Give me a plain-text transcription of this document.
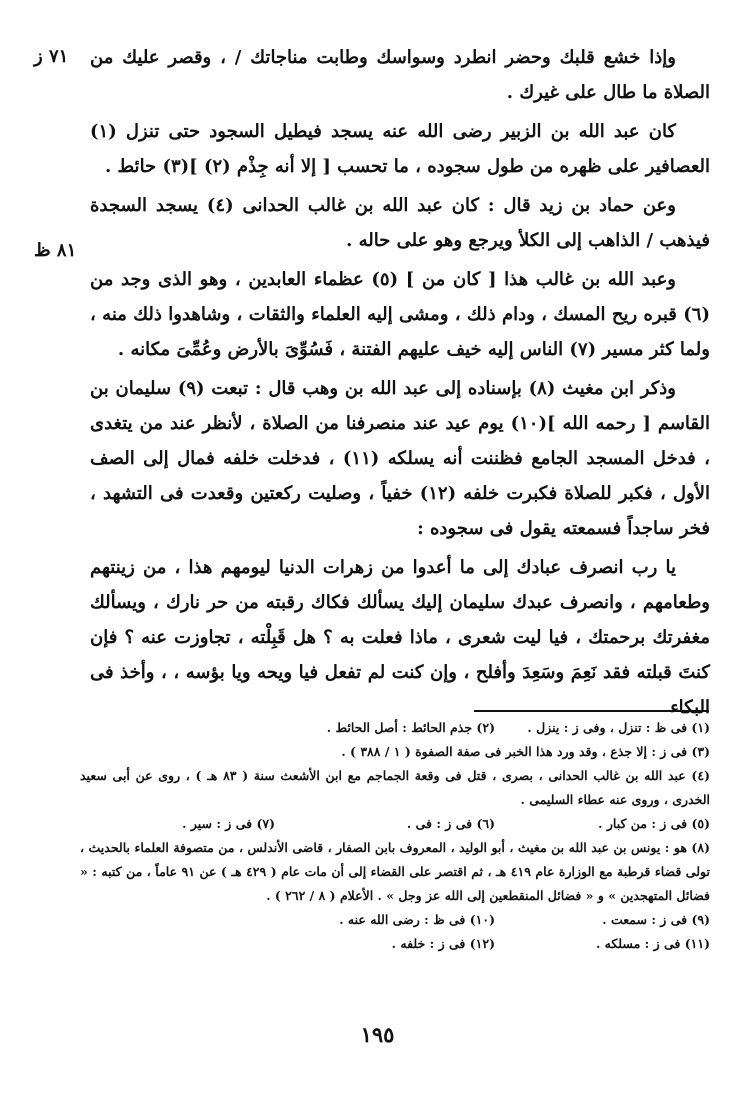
٧١ ز
٨١ ظ

وإذا خشع قلبك وحضر انطرد وسواسك وطابت مناجاتك / ، وقصر عليك من الصلاة ما طال على غيرك .

كان عبد الله بن الزبير رضى الله عنه يسجد فيطيل السجود حتى تنزل (١) العصافير على ظهره من طول سجوده ، ما تحسب [ إلا أنه جِذْم (٢) ](٣) حائط .

وعن حماد بن زيد قال : كان عبد الله بن غالب الحدانى (٤) يسجد السجدة فيذهب / الذاهب إلى الكلأ ويرجع وهو على حاله .

وعبد الله بن غالب هذا [ كان من ] (٥) عظماء العابدين ، وهو الذى وجد من (٦) قبره ريح المسك ، ودام ذلك ، ومشى إليه العلماء والثقات ، وشاهدوا ذلك منه ، ولما كثر مسير (٧) الناس إليه خيف عليهم الفتنة ، فَسُوِّىَ بالأرض وعُمِّىَ مكانه .

وذكر ابن مغيث (٨) بإسناده إلى عبد الله بن وهب قال : تبعت (٩) سليمان بن القاسم [ رحمه الله ](١٠) يوم عيد عند منصرفنا من الصلاة ، لأنظر عند من يتغدى ، فدخل المسجد الجامع فظننت أنه يسلكه (١١) ، فدخلت خلفه فمال إلى الصف الأول ، فكبر للصلاة فكبرت خلفه (١٢) خفياً ، وصليت ركعتين وقعدت فى التشهد ، فخر ساجداً فسمعته يقول فى سجوده :

يا رب انصرف عبادك إلى ما أعدوا من زهرات الدنيا ليومهم هذا ، من زينتهم وطعامهم ، وانصرف عبدك سليمان إليك يسألك فكاك رقبته من حر نارك ، ويسألك مغفرتك برحمتك ، فيا ليت شعرى ، ماذا فعلت به ؟ هل قَبِلْته ، تجاوزت عنه ؟ فإن كنتَ قبلته فقد نَعِمَ وسَعِدَ وأفلح ، وإن كنت لم تفعل فيا ويحه ويا بؤسه ، ، وأخذ فى البكاء

(١) فى ظ : تنزل ، وفى ز : ينزل .
(٢) جذم الحائط : أصل الحائط .
(٣) فى ز : إلا جذع ، وقد ورد هذا الخبر فى صفة الصفوة ( ١ / ٣٨٨ ) .
(٤) عبد الله بن غالب الحدانى ، بصرى ، قتل فى وقعة الجماجم مع ابن الأشعث سنة ( ٨٣ هـ ) ، روى عن أبى سعيد الخدرى ، وروى عنه عطاء السليمى .
(٥) فى ز : من كبار .
(٦) فى ز : فى .
(٧) فى ز : سير .
(٨) هو : يونس بن عبد الله بن مغيث ، أبو الوليد ، المعروف بابن الصفار ، قاضى الأندلس ، من متصوفة العلماء بالحديث ، تولى قضاء قرطبة مع الوزارة عام ٤١٩ هـ ، ثم اقتصر على القضاء إلى أن مات عام ( ٤٢٩ هـ ) عن ٩١ عاماً ، من كتبه : « فضائل المتهجدين » و « فضائل المنقطعين إلى الله عز وجل » . الأعلام ( ٨ / ٢٦٢ ) .
(٩) فى ز : سمعت .
(١٠) فى ظ : رضى الله عنه .
(١١) فى ز : مسلكه .
(١٢) فى ز : خلفه .
١٩٥
